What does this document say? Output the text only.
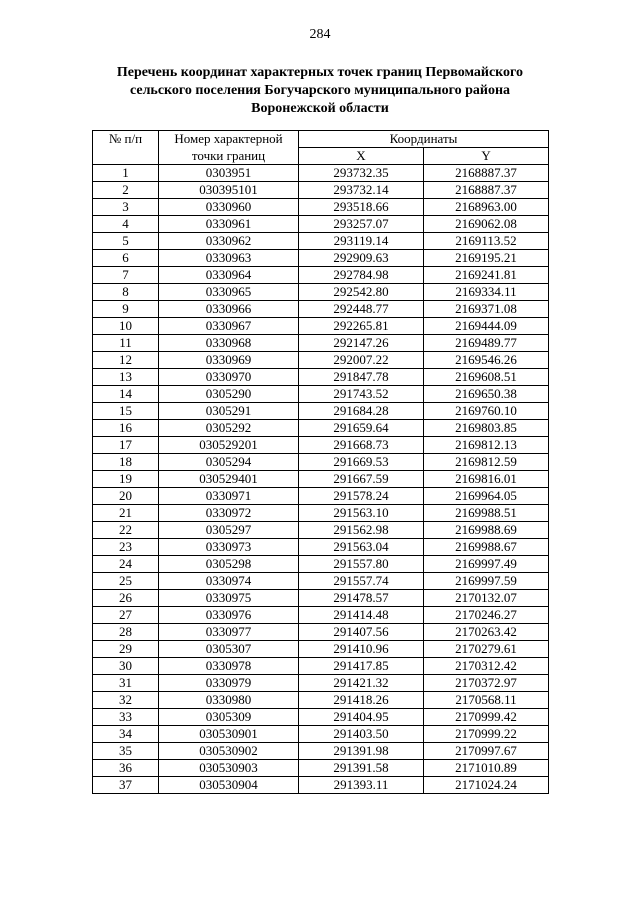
284
Перечень координат характерных точек границ Первомайского
сельского поселения Богучарского муниципального района
Воронежской области
№ п/п	Номер характерной	Координаты	
	точки границ	X	Y
1	0303951	293732.35	2168887.37
2	030395101	293732.14	2168887.37
3	0330960	293518.66	2168963.00
4	0330961	293257.07	2169062.08
5	0330962	293119.14	2169113.52
6	0330963	292909.63	2169195.21
7	0330964	292784.98	2169241.81
8	0330965	292542.80	2169334.11
9	0330966	292448.77	2169371.08
10	0330967	292265.81	2169444.09
11	0330968	292147.26	2169489.77
12	0330969	292007.22	2169546.26
13	0330970	291847.78	2169608.51
14	0305290	291743.52	2169650.38
15	0305291	291684.28	2169760.10
16	0305292	291659.64	2169803.85
17	030529201	291668.73	2169812.13
18	0305294	291669.53	2169812.59
19	030529401	291667.59	2169816.01
20	0330971	291578.24	2169964.05
21	0330972	291563.10	2169988.51
22	0305297	291562.98	2169988.69
23	0330973	291563.04	2169988.67
24	0305298	291557.80	2169997.49
25	0330974	291557.74	2169997.59
26	0330975	291478.57	2170132.07
27	0330976	291414.48	2170246.27
28	0330977	291407.56	2170263.42
29	0305307	291410.96	2170279.61
30	0330978	291417.85	2170312.42
31	0330979	291421.32	2170372.97
32	0330980	291418.26	2170568.11
33	0305309	291404.95	2170999.42
34	030530901	291403.50	2170999.22
35	030530902	291391.98	2170997.67
36	030530903	291391.58	2171010.89
37	030530904	291393.11	2171024.24
